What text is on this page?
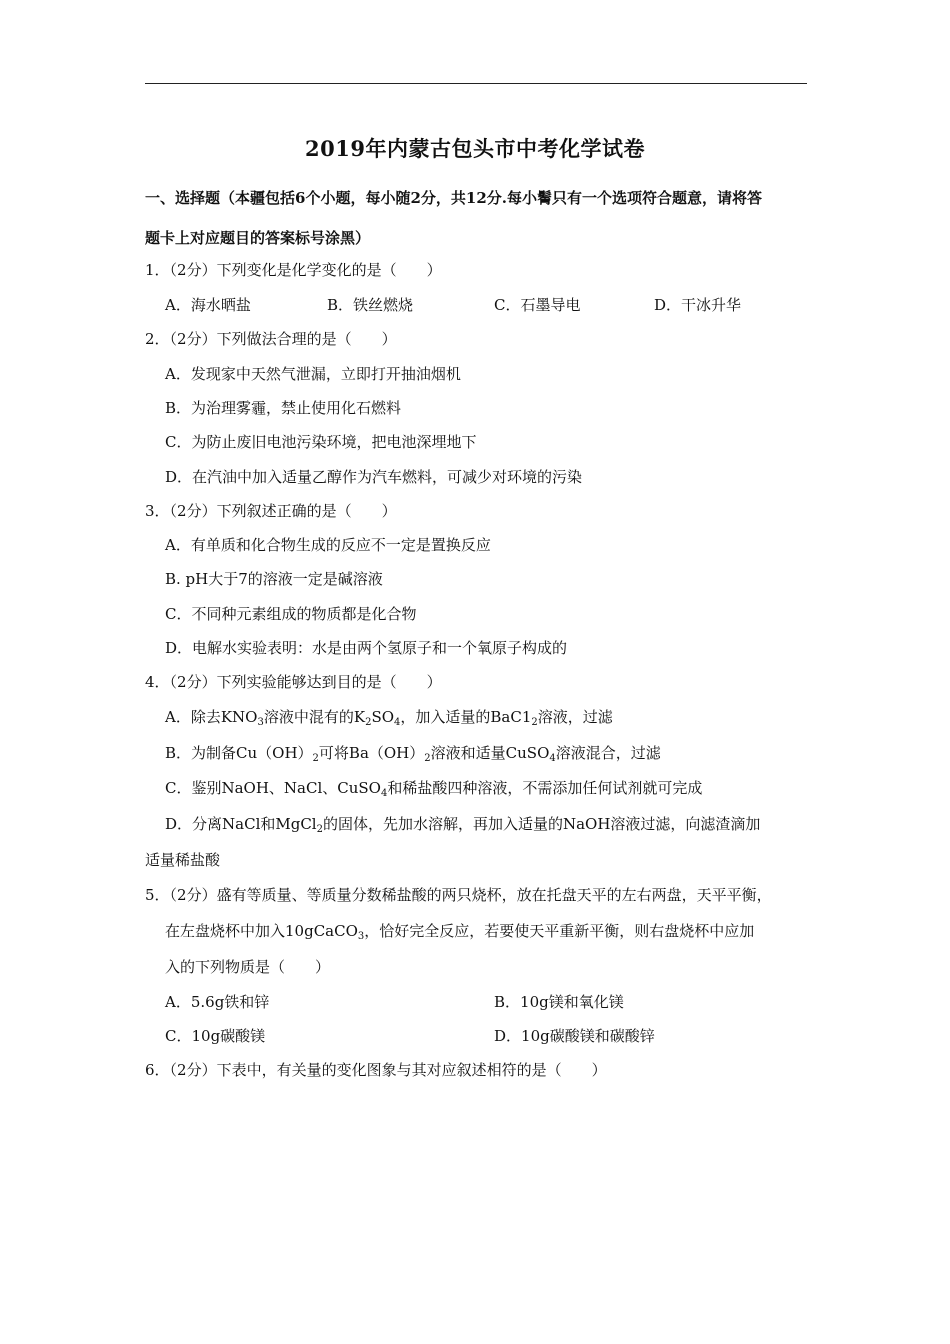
2019年内蒙古包头市中考化学试卷
一、选择题（本疆包括6个小题，每小随2分，共12分.每小鬌只有一个选项符合题意，请将答
题卡上对应题目的答案标号涂黑）
1．（2分）下列变化是化学变化的是（　　）
A．海水晒盐	B．铁丝燃烧	C．石墨导电	D．干冰升华
2．（2分）下列做法合理的是（　　）
A．发现家中天然气泄漏，立即打开抽油烟机
B．为治理雾霾，禁止使用化石燃料
C．为防止废旧电池污染环境，把电池深埋地下
D．在汽油中加入适量乙醇作为汽车燃料，可减少对环境的污染
3．（2分）下列叙述正确的是（　　）
A．有单质和化合物生成的反应不一定是置换反应
B. pH大于7的溶液一定是碱溶液
C．不同种元素组成的物质都是化合物
D．电解水实验表明：水是由两个氢原子和一个氧原子构成的
4．（2分）下列实验能够达到目的是（　　）
A．除去$KNO_3$溶液中混有的$K_2SO_4$，加入适量的$BaC1_2$溶液，过滤
B．为制备$Cu(OH)_2$可将$Ba(OH)_2$溶液和适量CuSO$_4$溶液混合，过滤
C．鉴别NaOH、NaCl、CuSO$_4$和稀盐酸四种溶液，不需添加任何试剂就可完成
D．分离NaCl和MgCl$_2$的固体，先加水溶解，再加入适量的NaOH溶液过滤，向滤渣滴加
适量稀盐酸
5．（2分）盛有等质量、等质量分数稀盐酸的两只烧杯，放在托盘天平的左右两盘，天平平衡，
在左盘烧杯中加入10gCaCO$_3$，恰好完全反应，若要使天平重新平衡，则右盘烧杯中应加
入的下列物质是（　　）
A．5.6g铁和锌	B．10g镁和氧化镁
C．10g碳酸镁	D．10g碳酸镁和碳酸锌
6．（2分）下表中，有关量的变化图象与其对应叙述相符的是（　　）
